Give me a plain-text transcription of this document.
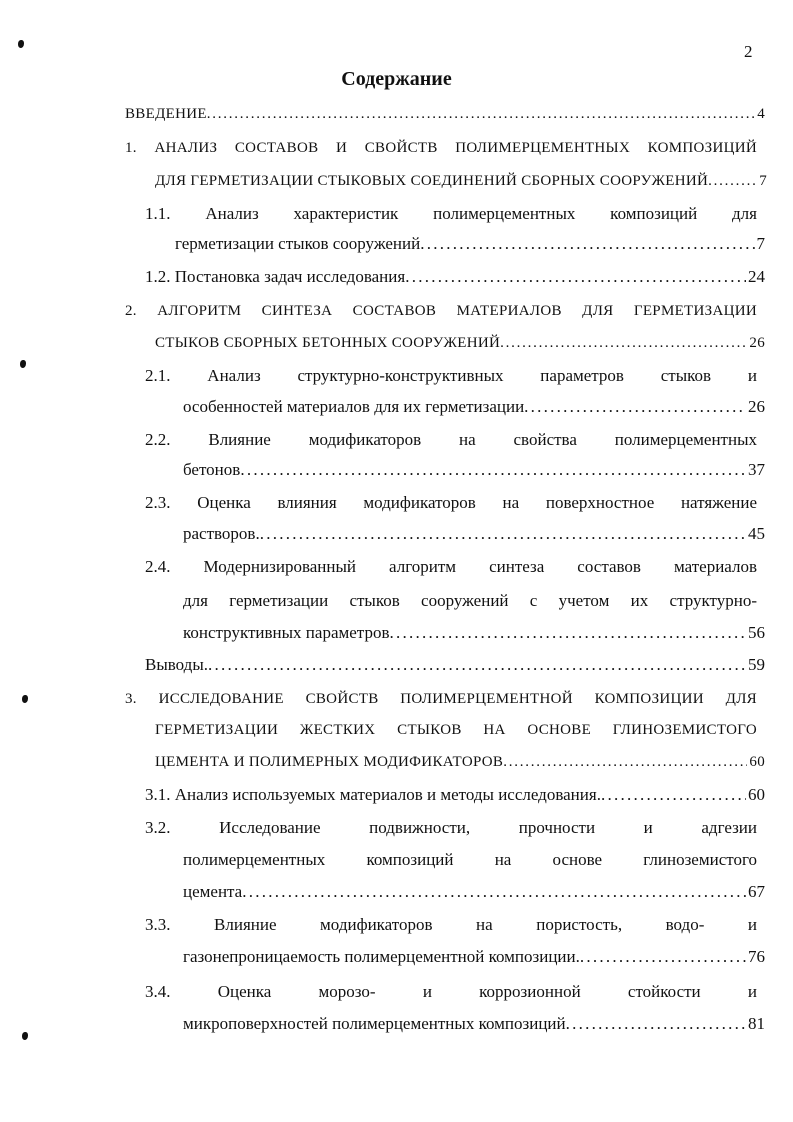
2
Содержание
ВВЕДЕНИЕ . . .	4
1. АНАЛИЗ СОСТАВОВ И СВОЙСТВ ПОЛИМЕРЦЕМЕНТНЫХ КОМПОЗИЦИЙ
ДЛЯ ГЕРМЕТИЗАЦИИ СТЫКОВЫХ СОЕДИНЕНИЙ СБОРНЫХ СООРУЖЕНИЙ . . .	7
1.1. Анализ характеристик полимерцементных композиций для
герметизации стыков сооружений . . .	7
1.2. Постановка задач исследования . . .	24
2. АЛГОРИТМ СИНТЕЗА СОСТАВОВ МАТЕРИАЛОВ ДЛЯ ГЕРМЕТИЗАЦИИ
СТЫКОВ СБОРНЫХ БЕТОННЫХ СООРУЖЕНИЙ . . .	26
2.1. Анализ структурно-конструктивных параметров стыков и
особенностей материалов для их герметизации . . .	26
2.2. Влияние модификаторов на свойства полимерцементных
бетонов . . .	37
2.3. Оценка влияния модификаторов на поверхностное натяжение
растворов. . . .	45
2.4. Модернизированный алгоритм синтеза составов материалов
для герметизации стыков сооружений с учетом их структурно-
конструктивных параметров . . .	56
Выводы. . . .	59
3. ИССЛЕДОВАНИЕ СВОЙСТВ ПОЛИМЕРЦЕМЕНТНОЙ КОМПОЗИЦИИ ДЛЯ
ГЕРМЕТИЗАЦИИ ЖЕСТКИХ СТЫКОВ НА ОСНОВЕ ГЛИНОЗЕМИСТОГО
ЦЕМЕНТА И ПОЛИМЕРНЫХ МОДИФИКАТОРОВ . . .	60
3.1. Анализ используемых материалов и методы исследования. . . .	60
3.2. Исследование подвижности, прочности и адгезии
полимерцементных композиций на основе глиноземистого
цемента . . .	67
3.3. Влияние модификаторов на пористость, водо- и
газонепроницаемость полимерцементной композиции. . . .	76
3.4. Оценка морозо- и коррозионной стойкости и
микроповерхностей полимерцементных композиций . . .	81
